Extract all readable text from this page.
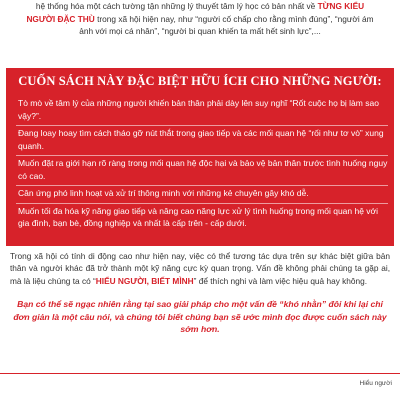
hệ thống hóa một cách tường tận những lý thuyết tâm lý học có bản nhất về TỪNG KIỂU NGƯỜI ĐẶC THÙ trong xã hội hiện nay, như “người cố chấp cho rằng mình đúng”, “người ám ảnh với mọi cá nhân”, “người bi quan khiến ta mất hết sinh lực”,...
CUỐN SÁCH NÀY ĐẶC BIỆT HỮU ÍCH CHO NHỮNG NGƯỜI:
Tò mò về tâm lý của những người khiến bản thân phải dày lên suy nghĩ “Rốt cuộc họ bị làm sao vậy?”.
Đang loay hoay tìm cách tháo gỡ nút thắt trong giao tiếp và các mối quan hệ “rối như tơ vò” xung quanh.
Muốn đặt ra giới hạn rõ ràng trong mối quan hệ độc hại và bảo vệ bản thân trước tình huống nguy có cao.
Cân ứng phó linh hoạt và xử trí thông minh với những kẻ chuyên gây khó dễ.
Muốn tối đa hóa kỹ năng giao tiếp và nâng cao năng lực xử lý tình huống trong mối quan hệ với gia đình, bạn bè, đồng nghiệp và nhất là cấp trên - cấp dưới.
Trong xã hội có tính di động cao như hiện nay, việc có thể tương tác dựa trên sự khác biệt giữa bản thân và người khác đã trở thành một kỹ năng cực kỳ quan trọng. Vấn đề không phải chúng ta gặp ai, mà là liệu chúng ta có “HIỂU NGƯỜI, BIẾT MÌNH” để thích nghi và làm việc hiệu quả hay không.
Bạn có thể sẽ ngạc nhiên rằng tại sao giải pháp cho một vấn đề “khó nhằn” đôi khi lại chỉ đơn giản là một câu nói, và chúng tôi biết chúng bạn sẽ ước mình đọc được cuốn sách này sớm hơn.
Hiểu người
